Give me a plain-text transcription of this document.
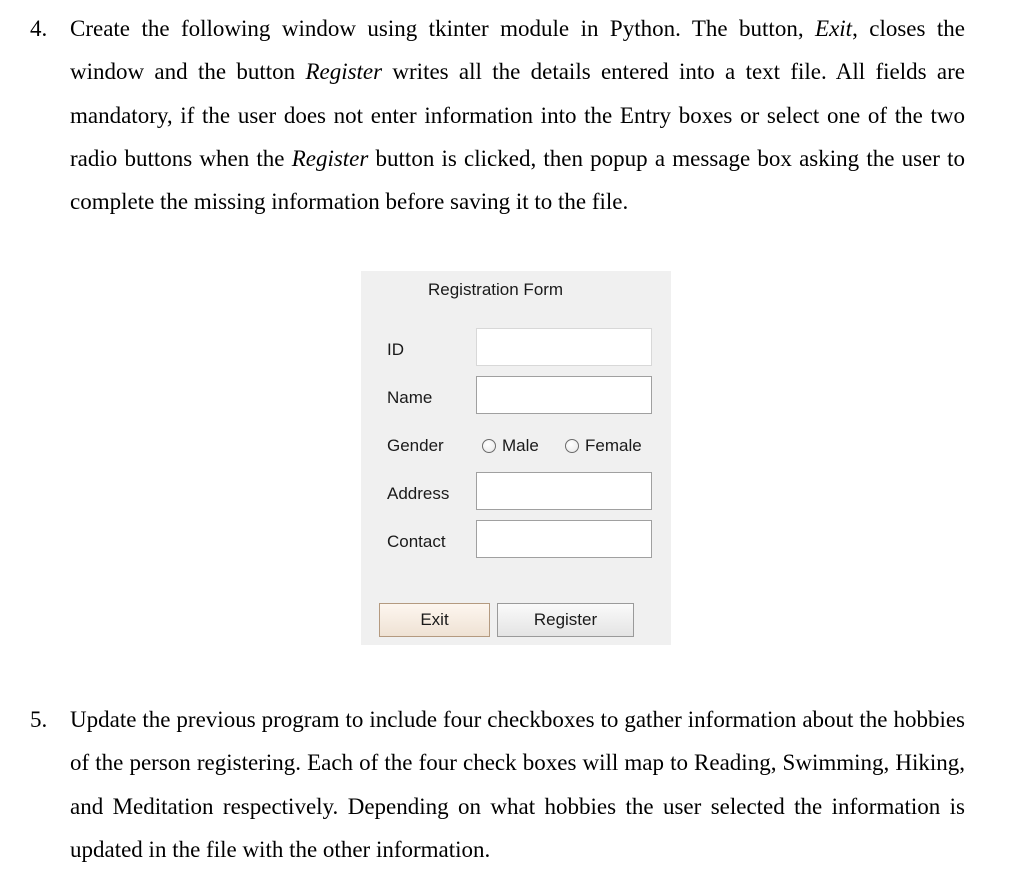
4. Create the following window using tkinter module in Python. The button, Exit, closes the window and the button Register writes all the details entered into a text file. All fields are mandatory, if the user does not enter information into the Entry boxes or select one of the two radio buttons when the Register button is clicked, then popup a message box asking the user to complete the missing information before saving it to the file.
Registration Form
ID
Name
Gender	Male	Female
Address
Contact
Exit	Register
5. Update the previous program to include four checkboxes to gather information about the hobbies of the person registering. Each of the four check boxes will map to Reading, Swimming, Hiking, and Meditation respectively. Depending on what hobbies the user selected the information is updated in the file with the other information.
